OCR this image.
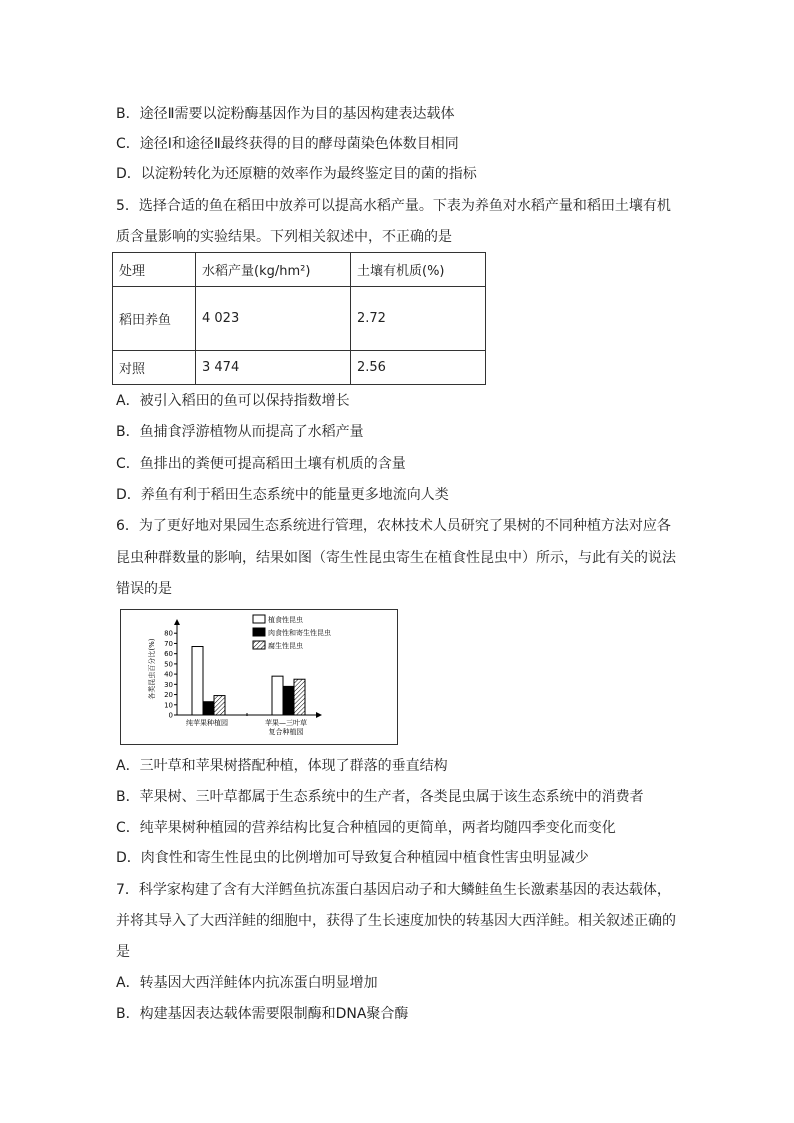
B．途径Ⅱ需要以淀粉酶基因作为目的基因构建表达载体
C．途径Ⅰ和途径Ⅱ最终获得的目的酵母菌染色体数目相同
D．以淀粉转化为还原糖的效率作为最终鉴定目的菌的指标
5．选择合适的鱼在稻田中放养可以提高水稻产量。下表为养鱼对水稻产量和稻田土壤有机
质含量影响的实验结果。下列相关叙述中，不正确的是
处理	水稻产量(kg/hm²)	土壤有机质(%)
稻田养鱼	4 023	2.72
对照	3 474	2.56
A．被引入稻田的鱼可以保持指数增长
B．鱼捕食浮游植物从而提高了水稻产量
C．鱼排出的粪便可提高稻田土壤有机质的含量
D．养鱼有利于稻田生态系统中的能量更多地流向人类
6．为了更好地对果园生态系统进行管理，农林技术人员研究了果树的不同种植方法对应各
昆虫种群数量的影响，结果如图（寄生性昆虫寄生在植食性昆虫中）所示，与此有关的说法
错误的是
0
10
20
30
40
50
60
70
80
各类昆虫百分比(%)
纯苹果种植园	苹果—三叶草
复合种植园
植食性昆虫
肉食性和寄生性昆虫
腐生性昆虫
A．三叶草和苹果树搭配种植，体现了群落的垂直结构
B．苹果树、三叶草都属于生态系统中的生产者，各类昆虫属于该生态系统中的消费者
C．纯苹果树种植园的营养结构比复合种植园的更简单，两者均随四季变化而变化
D．肉食性和寄生性昆虫的比例增加可导致复合种植园中植食性害虫明显减少
7．科学家构建了含有大洋鳕鱼抗冻蛋白基因启动子和大鳞鲑鱼生长激素基因的表达载体，
并将其导入了大西洋鲑的细胞中，获得了生长速度加快的转基因大西洋鲑。相关叙述正确的
是
A．转基因大西洋鲑体内抗冻蛋白明显增加
B．构建基因表达载体需要限制酶和DNA聚合酶
